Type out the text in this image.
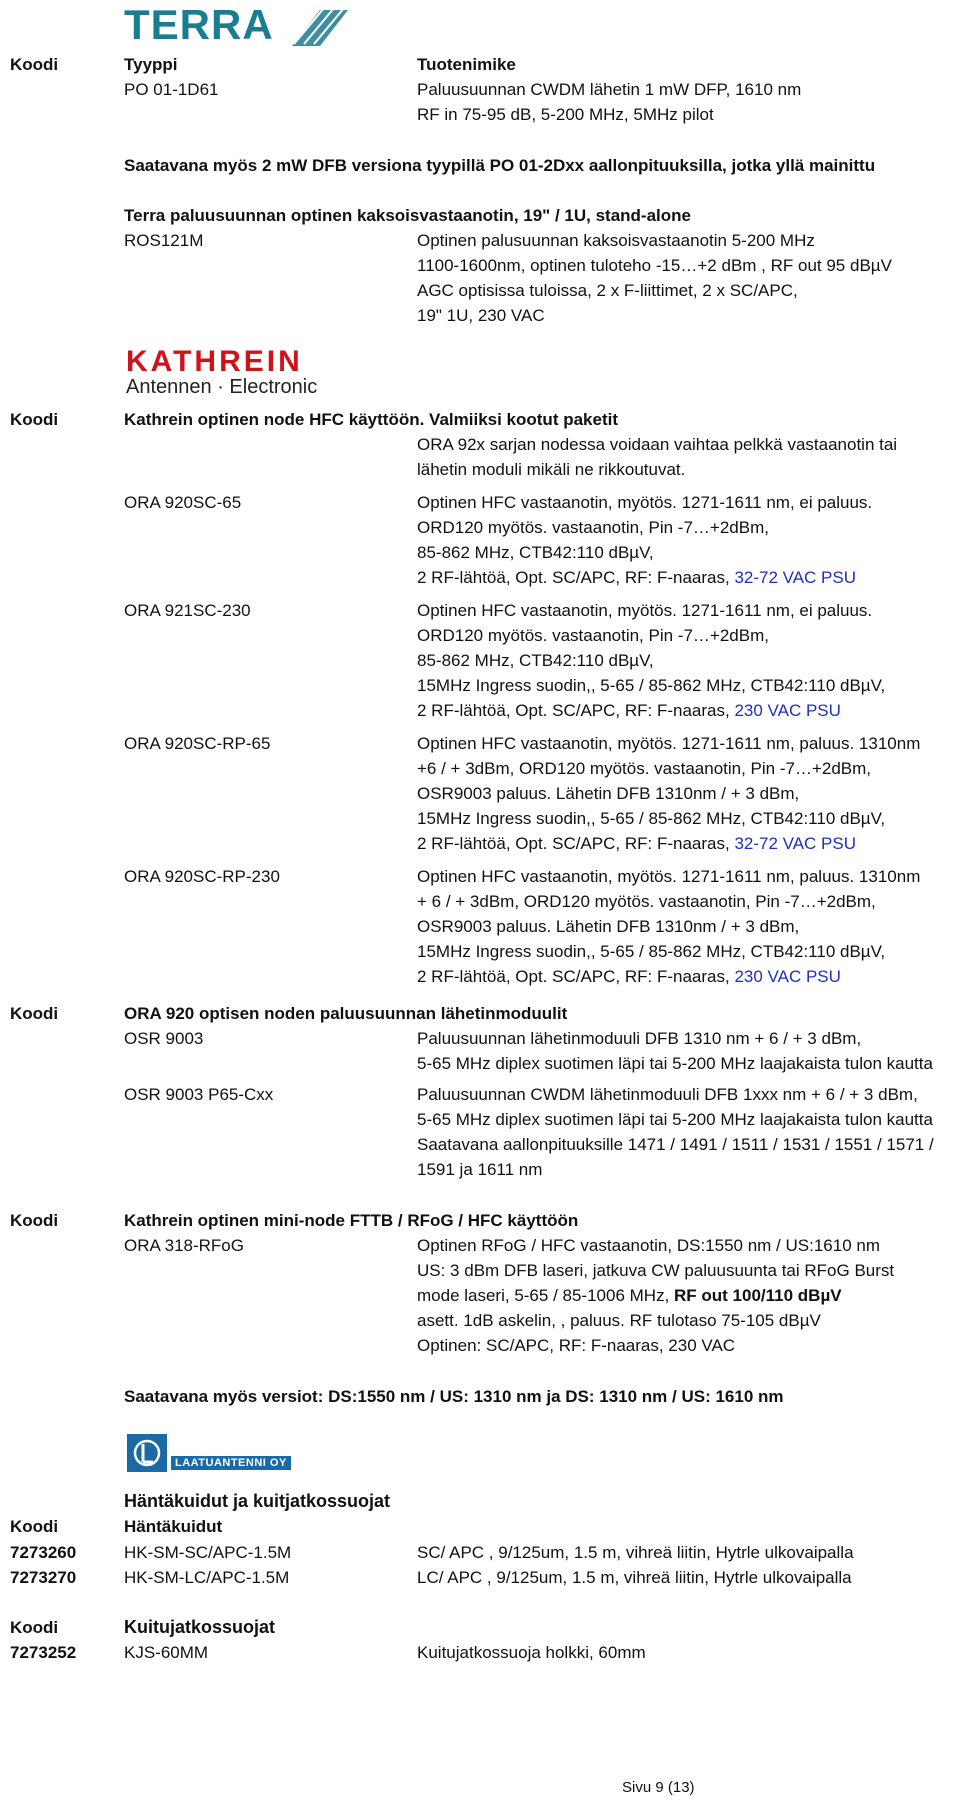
TERRA
Koodi	Tyyppi	Tuotenimike
PO 01-1D61	Paluusuunnan CWDM lähetin 1 mW DFP, 1610 nm
RF in 75-95 dB, 5-200 MHz, 5MHz pilot
Saatavana myös 2 mW DFB versiona tyypillä PO 01-2Dxx aallonpituuksilla, jotka yllä mainittu
Terra paluusuunnan optinen kaksoisvastaanotin, 19" / 1U, stand-alone
ROS121M	Optinen palusuunnan kaksoisvastaanotin 5-200 MHz
1100-1600nm, optinen tuloteho -15…+2 dBm , RF out 95 dBµV
AGC optisissa tuloissa, 2 x F-liittimet, 2 x SC/APC,
19" 1U, 230 VAC
KATHREIN
Antennen · Electronic
Koodi	Kathrein optinen node HFC käyttöön. Valmiiksi kootut paketit
ORA 92x sarjan nodessa voidaan vaihtaa pelkkä vastaanotin tai
lähetin moduli mikäli ne rikkoutuvat.
ORA 920SC-65	Optinen HFC vastaanotin, myötös. 1271-1611 nm, ei paluus.
ORD120 myötös. vastaanotin, Pin -7…+2dBm,
85-862 MHz, CTB42:110 dBµV,
2 RF-lähtöä, Opt. SC/APC, RF: F-naaras, 32-72 VAC PSU
ORA 921SC-230	Optinen HFC vastaanotin, myötös. 1271-1611 nm, ei paluus.
ORD120 myötös. vastaanotin, Pin -7…+2dBm,
85-862 MHz, CTB42:110 dBµV,
15MHz Ingress suodin,, 5-65 / 85-862 MHz, CTB42:110 dBµV,
2 RF-lähtöä, Opt. SC/APC, RF: F-naaras, 230 VAC PSU
ORA 920SC-RP-65	Optinen HFC vastaanotin, myötös. 1271-1611 nm, paluus. 1310nm
+6 / + 3dBm, ORD120 myötös. vastaanotin, Pin -7…+2dBm,
OSR9003 paluus. Lähetin DFB 1310nm / + 3 dBm,
15MHz Ingress suodin,, 5-65 / 85-862 MHz, CTB42:110 dBµV,
2 RF-lähtöä, Opt. SC/APC, RF: F-naaras, 32-72 VAC PSU
ORA 920SC-RP-230	Optinen HFC vastaanotin, myötös. 1271-1611 nm, paluus. 1310nm
+ 6 / + 3dBm, ORD120 myötös. vastaanotin, Pin -7…+2dBm,
OSR9003 paluus. Lähetin DFB 1310nm / + 3 dBm,
15MHz Ingress suodin,, 5-65 / 85-862 MHz, CTB42:110 dBµV,
2 RF-lähtöä, Opt. SC/APC, RF: F-naaras, 230 VAC PSU
Koodi	ORA 920 optisen noden paluusuunnan lähetinmoduulit
OSR 9003	Paluusuunnan lähetinmoduuli DFB 1310 nm + 6 / + 3 dBm,
5-65 MHz diplex suotimen läpi tai 5-200 MHz laajakaista tulon kautta
OSR 9003 P65-Cxx	Paluusuunnan CWDM lähetinmoduuli DFB 1xxx nm + 6 / + 3 dBm,
5-65 MHz diplex suotimen läpi tai 5-200 MHz laajakaista tulon kautta
Saatavana aallonpituuksille 1471 / 1491 / 1511 / 1531 / 1551 / 1571 /
1591 ja 1611 nm
Koodi	Kathrein optinen mini-node FTTB / RFoG / HFC käyttöön
ORA 318-RFoG	Optinen RFoG / HFC vastaanotin, DS:1550 nm / US:1610 nm
US: 3 dBm DFB laseri, jatkuva CW paluusuunta tai RFoG Burst
mode laseri, 5-65 / 85-1006 MHz, RF out 100/110 dBµV
asett. 1dB askelin, , paluus. RF tulotaso 75-105 dBµV
Optinen: SC/APC, RF: F-naaras, 230 VAC
Saatavana myös versiot: DS:1550 nm / US: 1310 nm ja DS: 1310 nm / US: 1610 nm
LAATUANTENNI OY
Häntäkuidut ja kuitjatkossuojat
Koodi	Häntäkuidut
7273260	HK-SM-SC/APC-1.5M	SC/ APC , 9/125um, 1.5 m, vihreä liitin, Hytrle ulkovaipalla
7273270	HK-SM-LC/APC-1.5M	LC/ APC , 9/125um, 1.5 m, vihreä liitin, Hytrle ulkovaipalla
Koodi	Kuitujatkossuojat
7273252	KJS-60MM	Kuitujatkossuoja holkki, 60mm
Sivu 9 (13)
